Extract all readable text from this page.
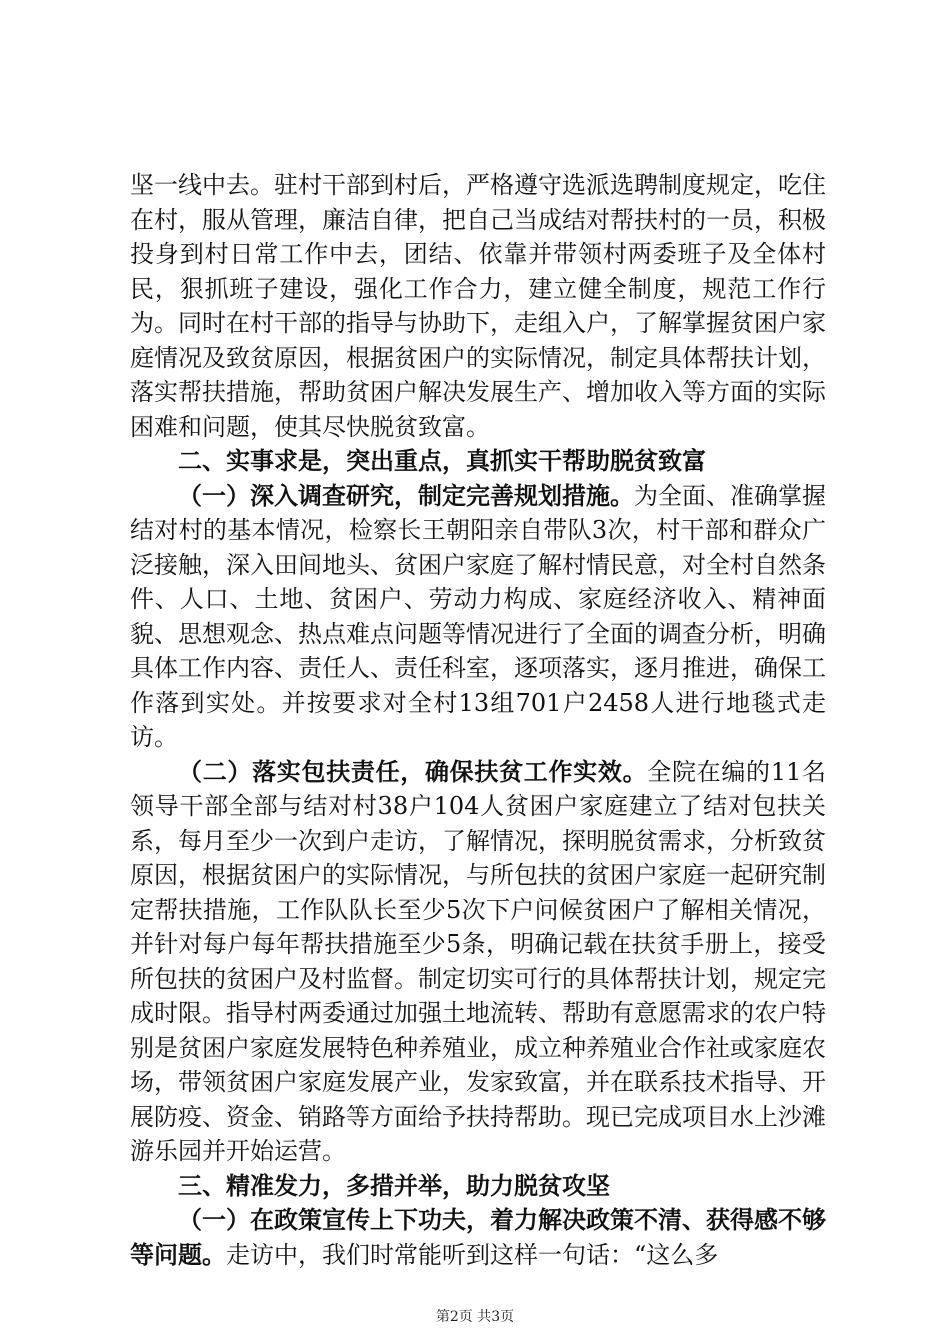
坚一线中去。驻村干部到村后，严格遵守选派选聘制度规定，吃住在村，服从管理，廉洁自律，把自己当成结对帮扶村的一员，积极投身到村日常工作中去，团结、依靠并带领村两委班子及全体村民，狠抓班子建设，强化工作合力，建立健全制度，规范工作行为。同时在村干部的指导与协助下，走组入户，了解掌握贫困户家庭情况及致贫原因，根据贫困户的实际情况，制定具体帮扶计划，落实帮扶措施，帮助贫困户解决发展生产、增加收入等方面的实际困难和问题，使其尽快脱贫致富。

二、实事求是，突出重点，真抓实干帮助脱贫致富

（一）深入调查研究，制定完善规划措施。为全面、准确掌握结对村的基本情况，检察长王朝阳亲自带队3次，村干部和群众广泛接触，深入田间地头、贫困户家庭了解村情民意，对全村自然条件、人口、土地、贫困户、劳动力构成、家庭经济收入、精神面貌、思想观念、热点难点问题等情况进行了全面的调查分析，明确具体工作内容、责任人、责任科室，逐项落实，逐月推进，确保工作落到实处。并按要求对全村13组701户2458人进行地毯式走访。

（二）落实包扶责任，确保扶贫工作实效。全院在编的11名领导干部全部与结对村38户104人贫困户家庭建立了结对包扶关系，每月至少一次到户走访，了解情况，探明脱贫需求，分析致贫原因，根据贫困户的实际情况，与所包扶的贫困户家庭一起研究制定帮扶措施，工作队队长至少5次下户问候贫困户了解相关情况，并针对每户每年帮扶措施至少5条，明确记载在扶贫手册上，接受所包扶的贫困户及村监督。制定切实可行的具体帮扶计划，规定完成时限。指导村两委通过加强土地流转、帮助有意愿需求的农户特别是贫困户家庭发展特色种养殖业，成立种养殖业合作社或家庭农场，带领贫困户家庭发展产业，发家致富，并在联系技术指导、开展防疫、资金、销路等方面给予扶持帮助。现已完成项目水上沙滩游乐园并开始运营。

三、精准发力，多措并举，助力脱贫攻坚

（一）在政策宣传上下功夫，着力解决政策不清、获得感不够等问题。走访中，我们时常能听到这样一句话：“这么多

第2页 共3页
